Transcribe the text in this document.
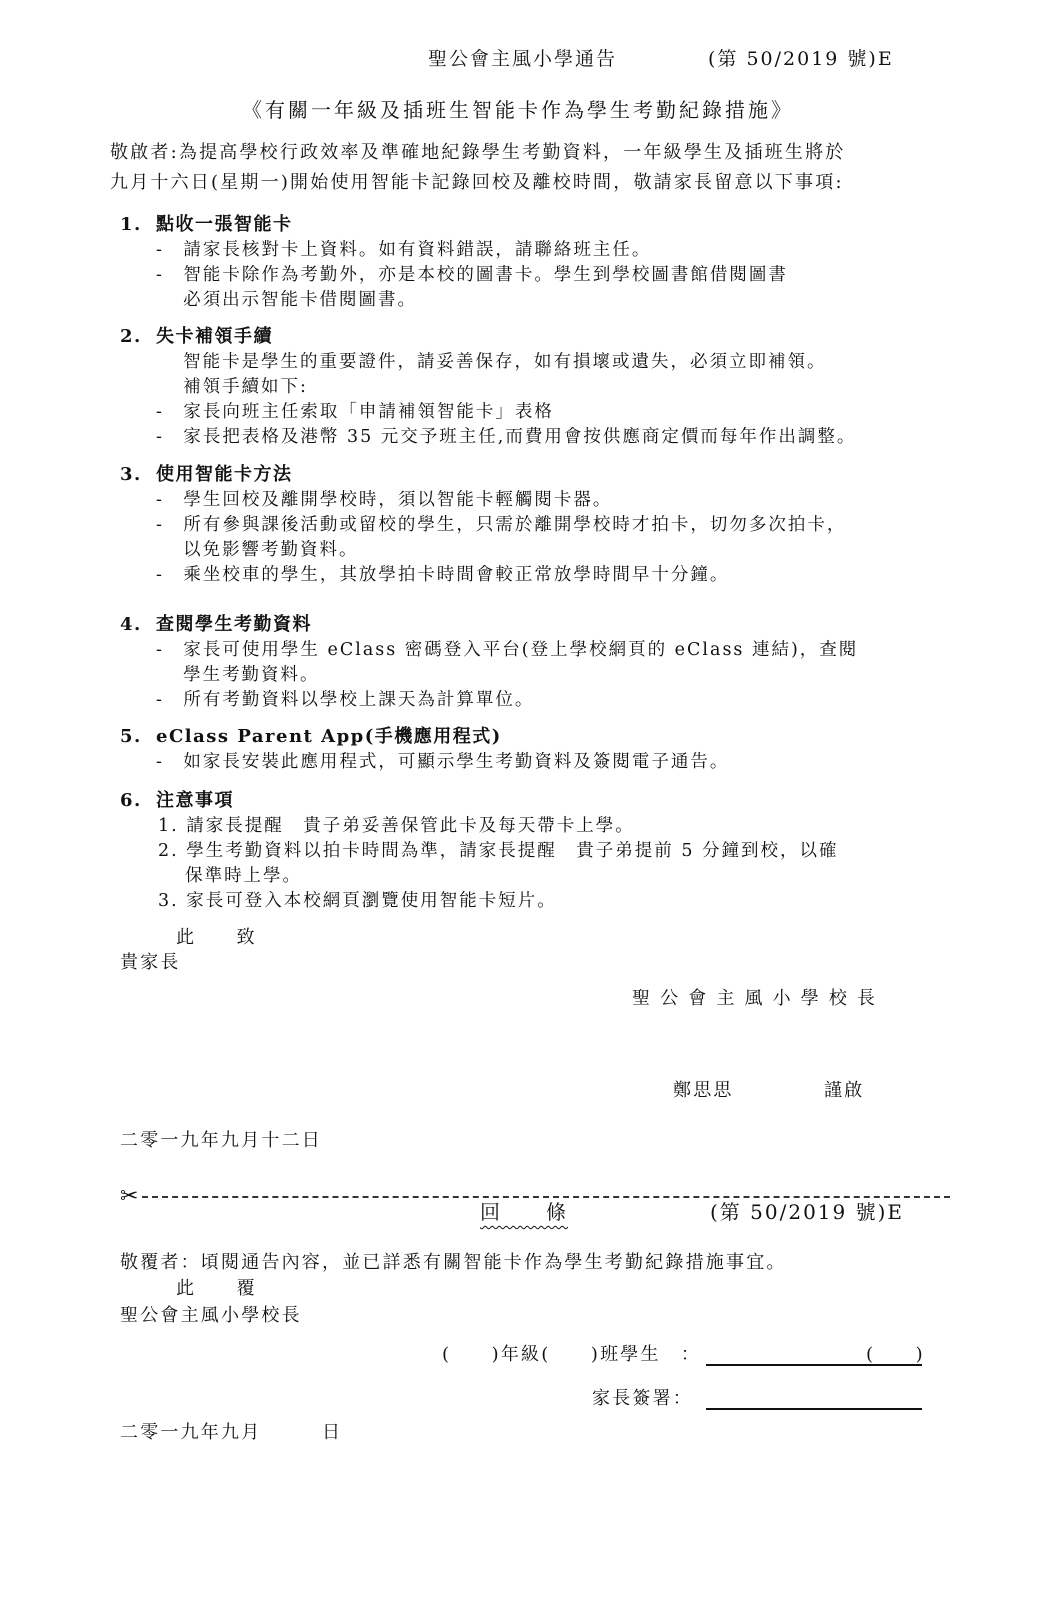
聖公會主風小學通告	(第 50/2019 號)E
《有關一年級及插班生智能卡作為學生考勤紀錄措施》
敬啟者:為提高學校行政效率及準確地紀錄學生考勤資料，一年級學生及插班生將於
九月十六日(星期一)開始使用智能卡記錄回校及離校時間，敬請家長留意以下事項:
1. 點收一張智能卡
-　請家長核對卡上資料。如有資料錯誤，請聯絡班主任。
-　智能卡除作為考勤外，亦是本校的圖書卡。學生到學校圖書館借閱圖書
　 必須出示智能卡借閱圖書。
2. 失卡補領手續
　 智能卡是學生的重要證件，請妥善保存，如有損壞或遺失，必須立即補領。
　 補領手續如下:
-　家長向班主任索取「申請補領智能卡」表格
-　家長把表格及港幣 35 元交予班主任,而費用會按供應商定價而每年作出調整。
3. 使用智能卡方法
-　學生回校及離開學校時，須以智能卡輕觸閱卡器。
-　所有參與課後活動或留校的學生，只需於離開學校時才拍卡，切勿多次拍卡，
　 以免影響考勤資料。
-　乘坐校車的學生，其放學拍卡時間會較正常放學時間早十分鐘。
4. 查閱學生考勤資料
-　家長可使用學生 eClass 密碼登入平台(登上學校網頁的 eClass 連結)，查閱
　 學生考勤資料。
-　所有考勤資料以學校上課天為計算單位。
5. eClass Parent App(手機應用程式)
-　如家長安裝此應用程式，可顯示學生考勤資料及簽閱電子通告。
6. 注意事項
1. 請家長提醒　貴子弟妥善保管此卡及每天帶卡上學。
2. 學生考勤資料以拍卡時間為準，請家長提醒　貴子弟提前 5 分鐘到校，以確
　 保準時上學。
3. 家長可登入本校網頁瀏覽使用智能卡短片。
此　　致
貴家長
聖 公 會 主 風 小 學 校 長
鄭思思	謹啟
二零一九年九月十二日
✂
回　　條	(第 50/2019 號)E
敬覆者：頃閱通告內容，並已詳悉有關智能卡作為學生考勤紀錄措施事宜。
此　　覆
聖公會主風小學校長
(　　)年級(　　)班學生　：	(　　)
家長簽署：
二零一九年九月　　　日
